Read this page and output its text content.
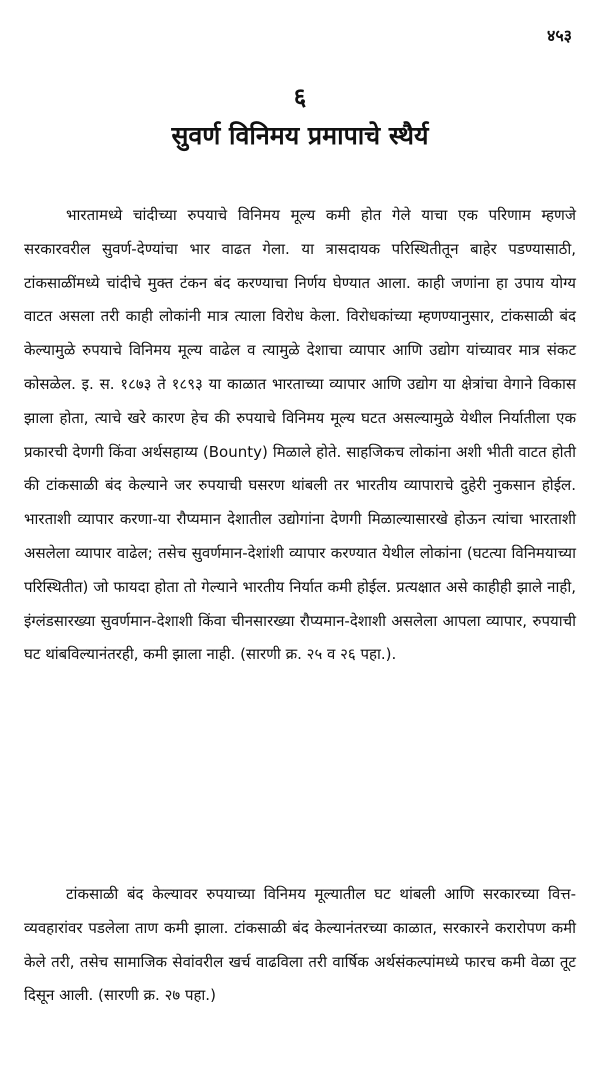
४५३
६
सुवर्ण विनिमय प्रमापाचे स्थैर्य

भारतामध्ये चांदीच्या रुपयाचे विनिमय मूल्य कमी होत गेले याचा एक परिणाम म्हणजे सरकारवरील सुवर्ण-देण्यांचा भार वाढत गेला. या त्रासदायक परिस्थितीतून बाहेर पडण्यासाठी, टांकसाळींमध्ये चांदीचे मुक्त टंकन बंद करण्याचा निर्णय घेण्यात आला. काही जणांना हा उपाय योग्य वाटत असला तरी काही लोकांनी मात्र त्याला विरोध केला. विरोधकांच्या म्हणण्यानुसार, टांकसाळी बंद केल्यामुळे रुपयाचे विनिमय मूल्य वाढेल व त्यामुळे देशाचा व्यापार आणि उद्योग यांच्यावर मात्र संकट कोसळेल. इ. स. १८७३ ते १८९३ या काळात भारताच्या व्यापार आणि उद्योग या क्षेत्रांचा वेगाने विकास झाला होता, त्याचे खरे कारण हेच की रुपयाचे विनिमय मूल्य घटत असल्यामुळे येथील निर्यातीला एक प्रकारची देणगी किंवा अर्थसहाय्य (Bounty) मिळाले होते. साहजिकच लोकांना अशी भीती वाटत होती की टांकसाळी बंद केल्याने जर रुपयाची घसरण थांबली तर भारतीय व्यापाराचे दुहेरी नुकसान होईल. भारताशी व्यापार करणा-या रौप्यमान देशातील उद्योगांना देणगी मिळाल्यासारखे होऊन त्यांचा भारताशी असलेला व्यापार वाढेल; तसेच सुवर्णमान-देशांशी व्यापार करण्यात येथील लोकांना (घटत्या विनिमयाच्या परिस्थितीत) जो फायदा होता तो गेल्याने भारतीय निर्यात कमी होईल. प्रत्यक्षात असे काहीही झाले नाही, इंग्लंडसारख्या सुवर्णमान-देशाशी किंवा चीनसारख्या रौप्यमान-देशाशी असलेला आपला व्यापार, रुपयाची घट थांबविल्यानंतरही, कमी झाला नाही. (सारणी क्र. २५ व २६ पहा.).

टांकसाळी बंद केल्यावर रुपयाच्या विनिमय मूल्यातील घट थांबली आणि सरकारच्या वित्त-व्यवहारांवर पडलेला ताण कमी झाला. टांकसाळी बंद केल्यानंतरच्या काळात, सरकारने करारोपण कमी केले तरी, तसेच सामाजिक सेवांवरील खर्च वाढविला तरी वार्षिक अर्थसंकल्पांमध्ये फारच कमी वेळा तूट दिसून आली. (सारणी क्र. २७ पहा.)
